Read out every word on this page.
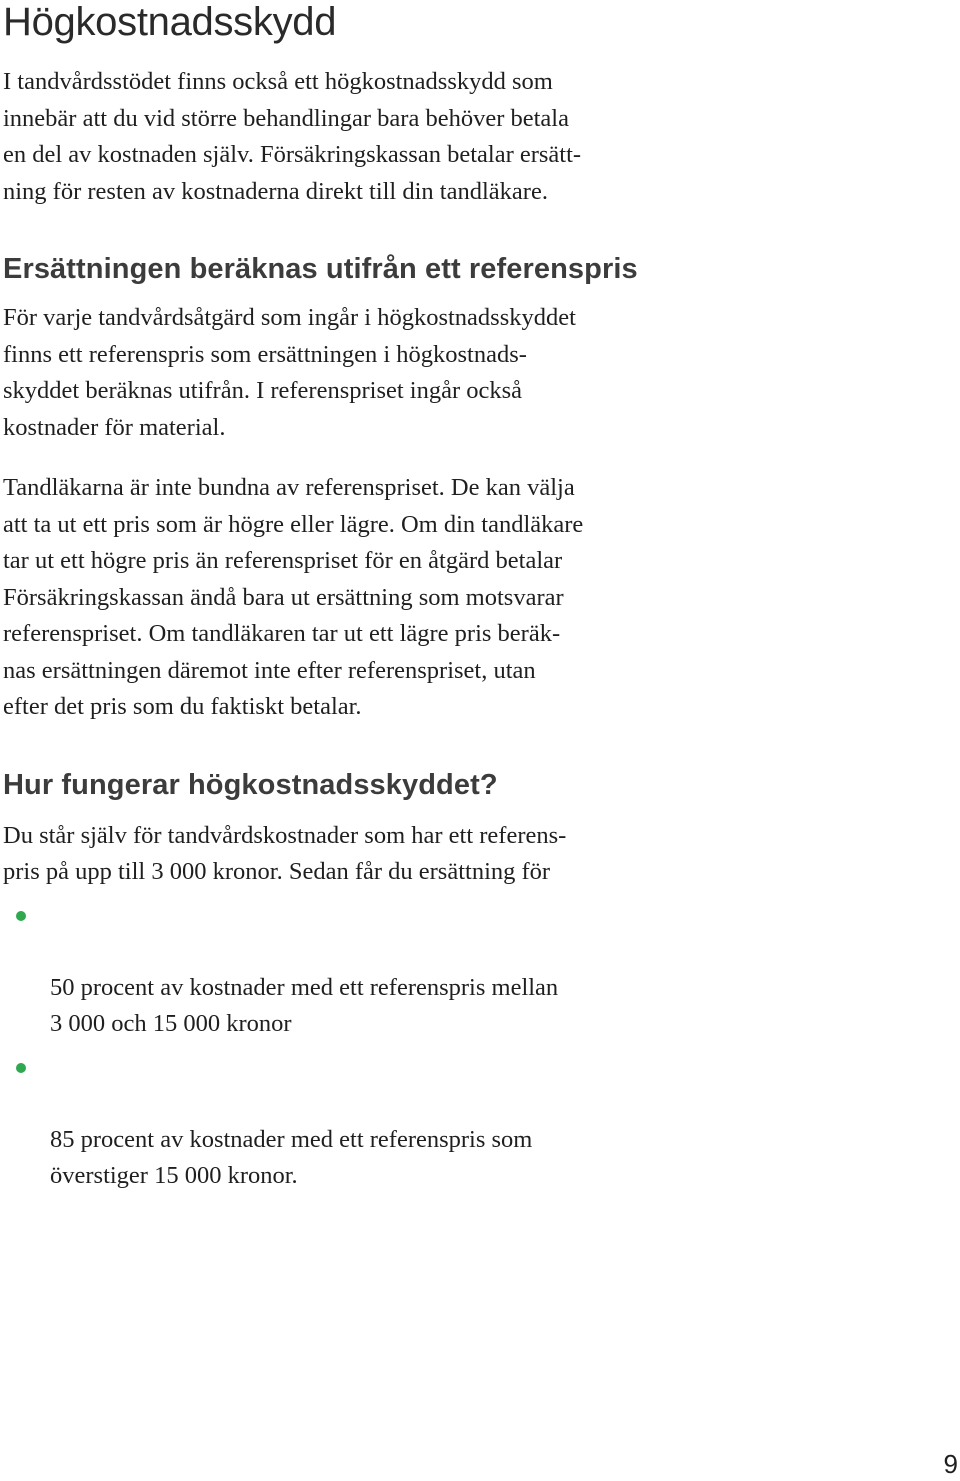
Högkostnadsskydd

I tandvårdsstödet finns också ett högkostnadsskydd som
innebär att du vid större behandlingar bara behöver betala
en del av kostnaden själv. Försäkringskassan betalar ersätt-
ning för resten av kostnaderna direkt till din tandläkare.

Ersättningen beräknas utifrån ett referenspris

För varje tandvårdsåtgärd som ingår i högkostnadsskyddet
finns ett referenspris som ersättningen i högkostnads-
skyddet beräknas utifrån. I referenspriset ingår också
kostnader för material.

Tandläkarna är inte bundna av referenspriset. De kan välja
att ta ut ett pris som är högre eller lägre. Om din tandläkare
tar ut ett högre pris än referenspriset för en åtgärd betalar
Försäkringskassan ändå bara ut ersättning som motsvarar
referenspriset. Om tandläkaren tar ut ett lägre pris beräk-
nas ersättningen däremot inte efter referenspriset, utan
efter det pris som du faktiskt betalar.

Hur fungerar högkostnadsskyddet?

Du står själv för tandvårdskostnader som har ett referens-
pris på upp till 3 000 kronor. Sedan får du ersättning för

50 procent av kostnader med ett referenspris mellan
3 000 och 15 000 kronor

85 procent av kostnader med ett referenspris som
överstiger 15 000 kronor.

9
